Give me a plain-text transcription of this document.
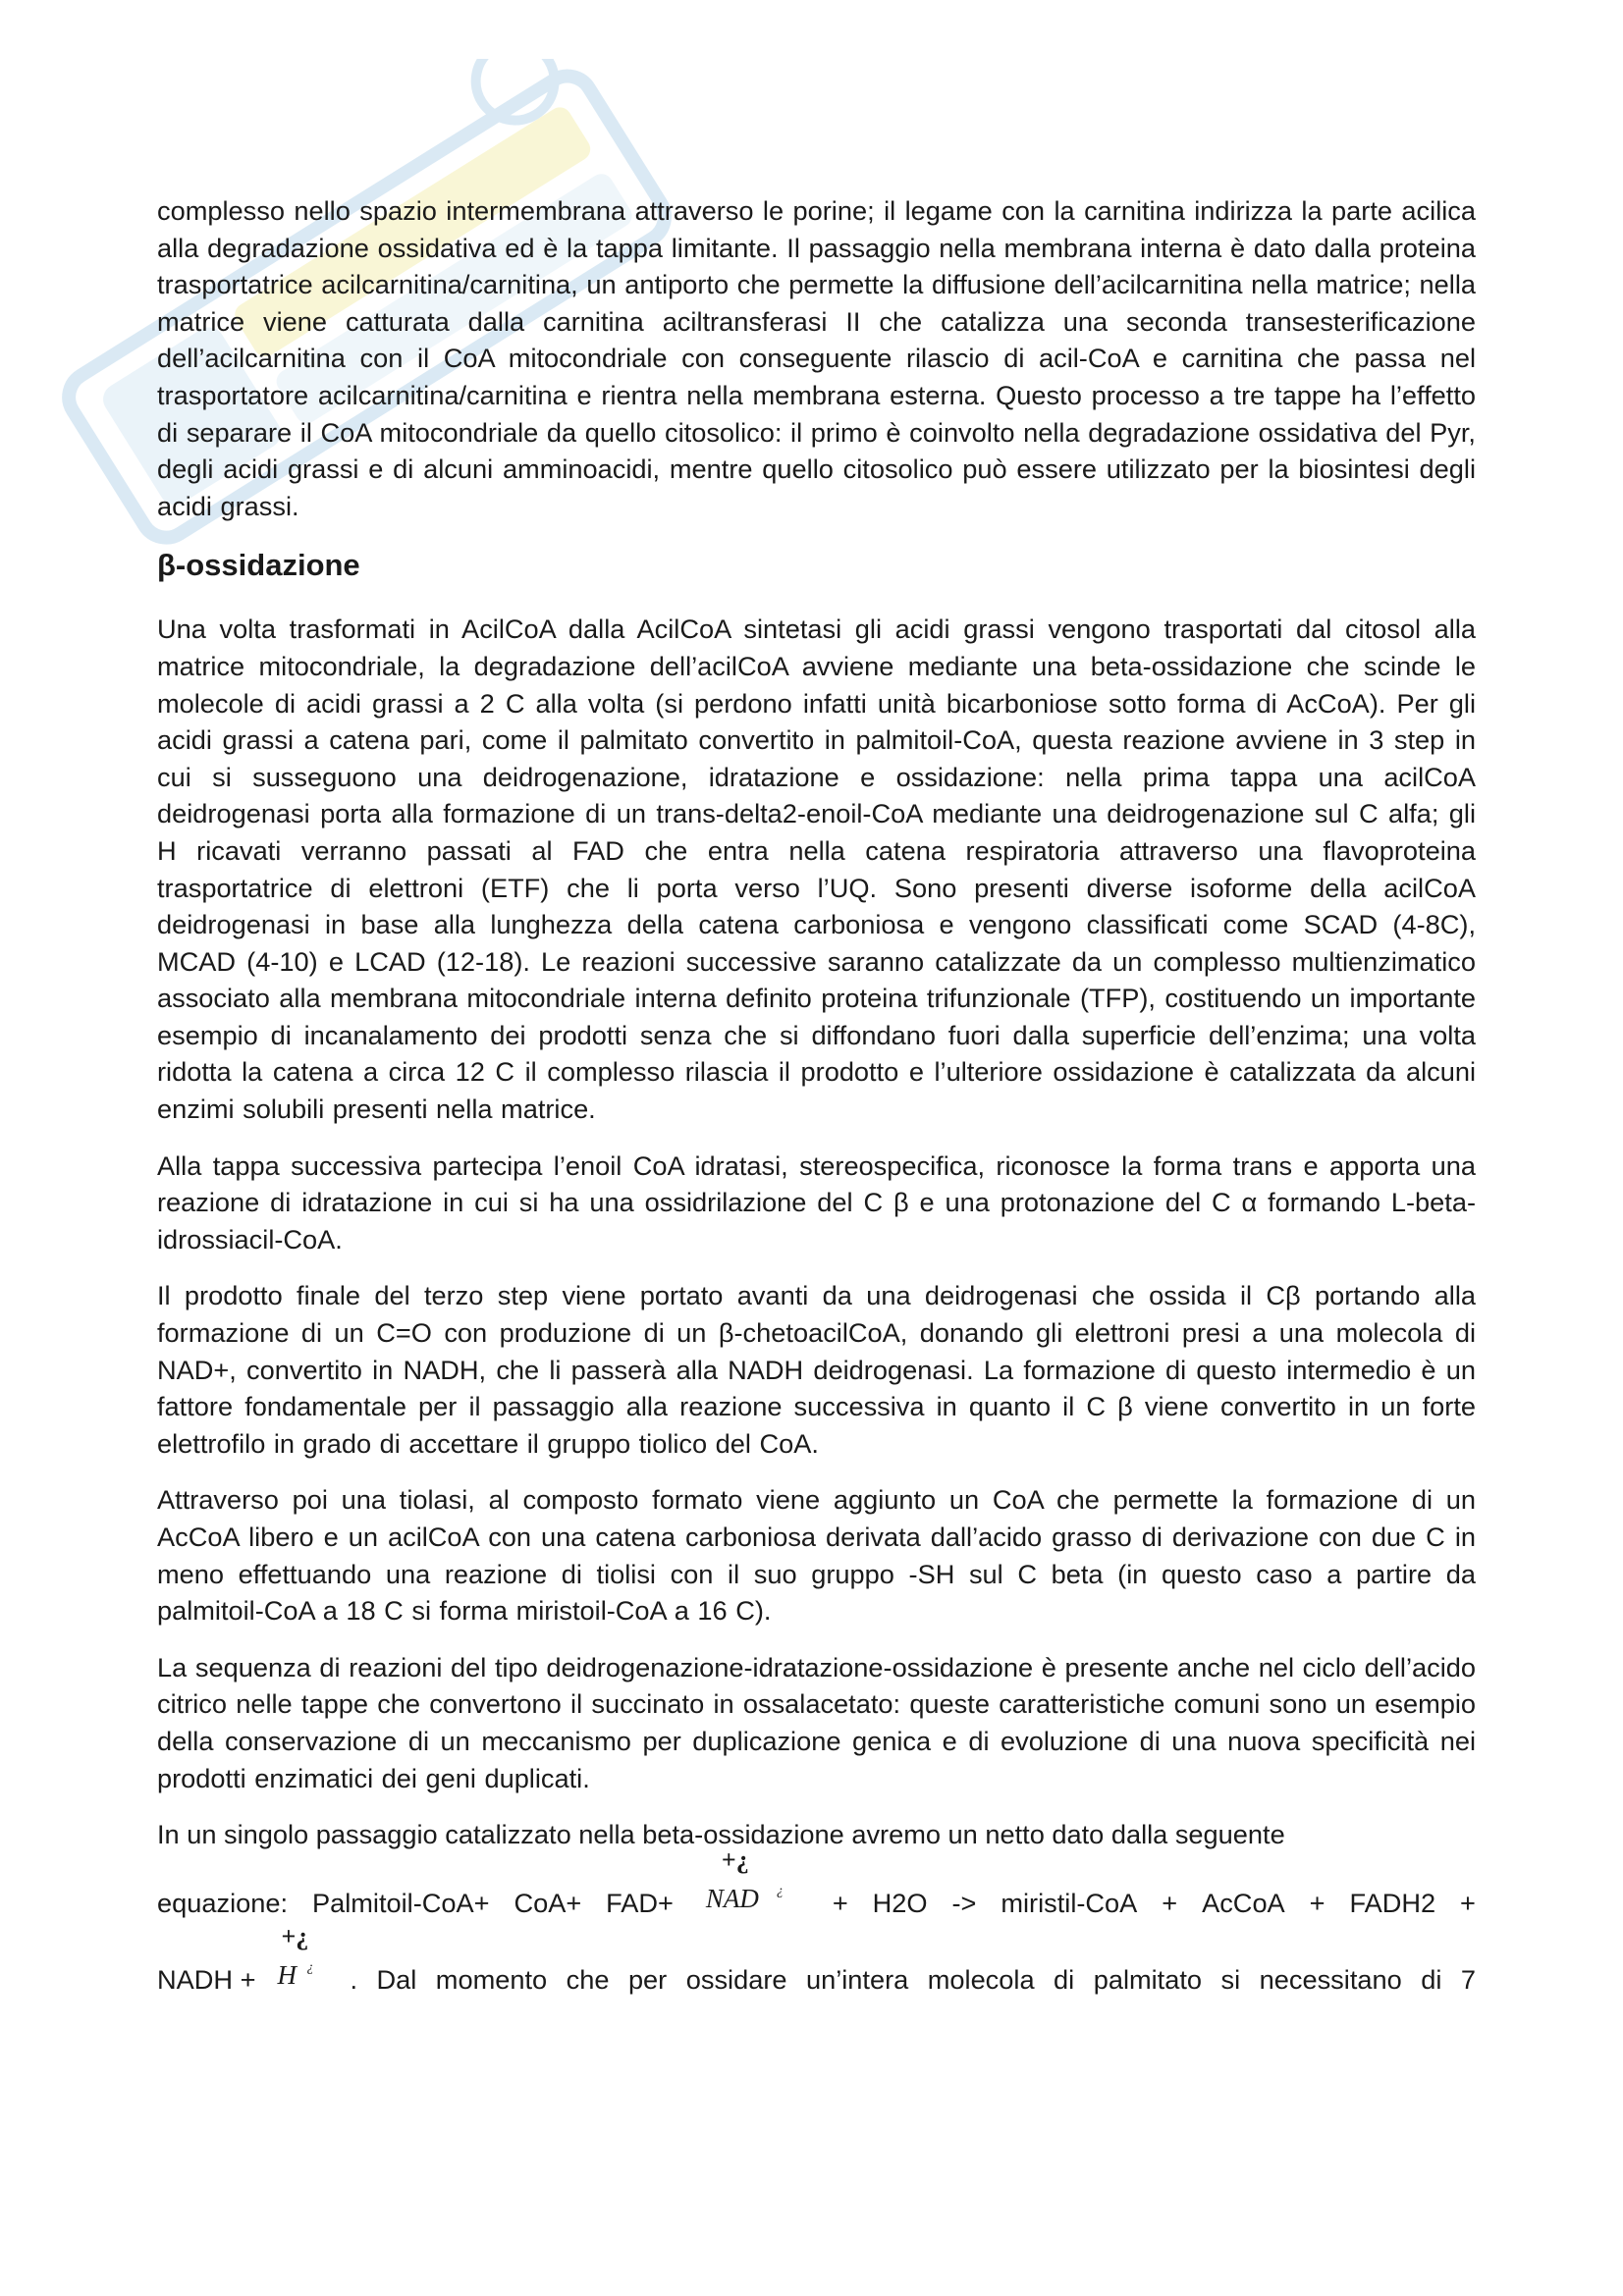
complesso nello spazio intermembrana attraverso le porine; il legame con la carnitina indirizza la parte acilica alla degradazione ossidativa ed è la tappa limitante. Il passaggio nella membrana interna è dato dalla proteina trasportatrice acilcarnitina/carnitina, un antiporto che permette la diffusione dell’acilcarnitina nella matrice; nella matrice viene catturata dalla carnitina aciltransferasi II che catalizza una seconda transesterificazione dell’acilcarnitina con il CoA mitocondriale con conseguente rilascio di acil-CoA e carnitina che passa nel trasportatore acilcarnitina/carnitina e rientra nella membrana esterna. Questo processo a tre tappe ha l’effetto di separare il CoA mitocondriale da quello citosolico: il primo è coinvolto nella degradazione ossidativa del Pyr, degli acidi grassi e di alcuni amminoacidi, mentre quello citosolico può essere utilizzato per la biosintesi degli acidi grassi.

β-ossidazione

Una volta trasformati in AcilCoA dalla AcilCoA sintetasi gli acidi grassi vengono trasportati dal citosol alla matrice mitocondriale, la degradazione dell’acilCoA avviene mediante una beta-ossidazione che scinde le molecole di acidi grassi a 2 C alla volta (si perdono infatti unità bicarboniose sotto forma di AcCoA). Per gli acidi grassi a catena pari, come il palmitato convertito in palmitoil-CoA, questa reazione avviene in 3 step in cui si susseguono una deidrogenazione, idratazione e ossidazione: nella prima tappa una acilCoA deidrogenasi porta alla formazione di un trans-delta2-enoil-CoA mediante una deidrogenazione sul C alfa; gli H ricavati verranno passati al FAD che entra nella catena respiratoria attraverso una flavoproteina trasportatrice di elettroni (ETF) che li porta verso l’UQ. Sono presenti diverse isoforme della acilCoA deidrogenasi in base alla lunghezza della catena carboniosa e vengono classificati come SCAD (4-8C), MCAD (4-10) e LCAD (12-18). Le reazioni successive saranno catalizzate da un complesso multienzimatico associato alla membrana mitocondriale interna definito proteina trifunzionale (TFP), costituendo un importante esempio di incanalamento dei prodotti senza che si diffondano fuori dalla superficie dell’enzima; una volta ridotta la catena a circa 12 C il complesso rilascia il prodotto e l’ulteriore ossidazione è catalizzata da alcuni enzimi solubili presenti nella matrice.

Alla tappa successiva partecipa l’enoil CoA idratasi, stereospecifica, riconosce la forma trans e apporta una reazione di idratazione in cui si ha una ossidrilazione del C β e una protonazione del C α formando L-beta-idrossiacil-CoA.

Il prodotto finale del terzo step viene portato avanti da una deidrogenasi che ossida il Cβ portando alla formazione di un C=O con produzione di un β-chetoacilCoA, donando gli elettroni presi a una molecola di NAD+, convertito in NADH, che li passerà alla NADH deidrogenasi. La formazione di questo intermedio è un fattore fondamentale per il passaggio alla reazione successiva in quanto il C β viene convertito in un forte elettrofilo in grado di accettare il gruppo tiolico del CoA.

Attraverso poi una tiolasi, al composto formato viene aggiunto un CoA che permette la formazione di un AcCoA libero e un acilCoA con una catena carboniosa derivata dall’acido grasso di derivazione con due C in meno effettuando una reazione di tiolisi con il suo gruppo -SH sul C beta (in questo caso a partire da palmitoil-CoA a 18 C si forma miristoil-CoA a 16 C).

La sequenza di reazioni del tipo deidrogenazione-idratazione-ossidazione è presente anche nel ciclo dell’acido citrico nelle tappe che convertono il succinato in ossalacetato: queste caratteristiche comuni sono un esempio della conservazione di un meccanismo per duplicazione genica e di evoluzione di una nuova specificità nei prodotti enzimatici dei geni duplicati.

In un singolo passaggio catalizzato nella beta-ossidazione avremo un netto dato dalla seguente
equazione: Palmitoil-CoA+ CoA+ FAD+
+¿
NAD ¿ + H2O -> miristil-CoA + AcCoA + FADH2 +
NADH +
+¿
H ¿ . Dal momento che per ossidare un’intera molecola di palmitato si necessitano di 7
